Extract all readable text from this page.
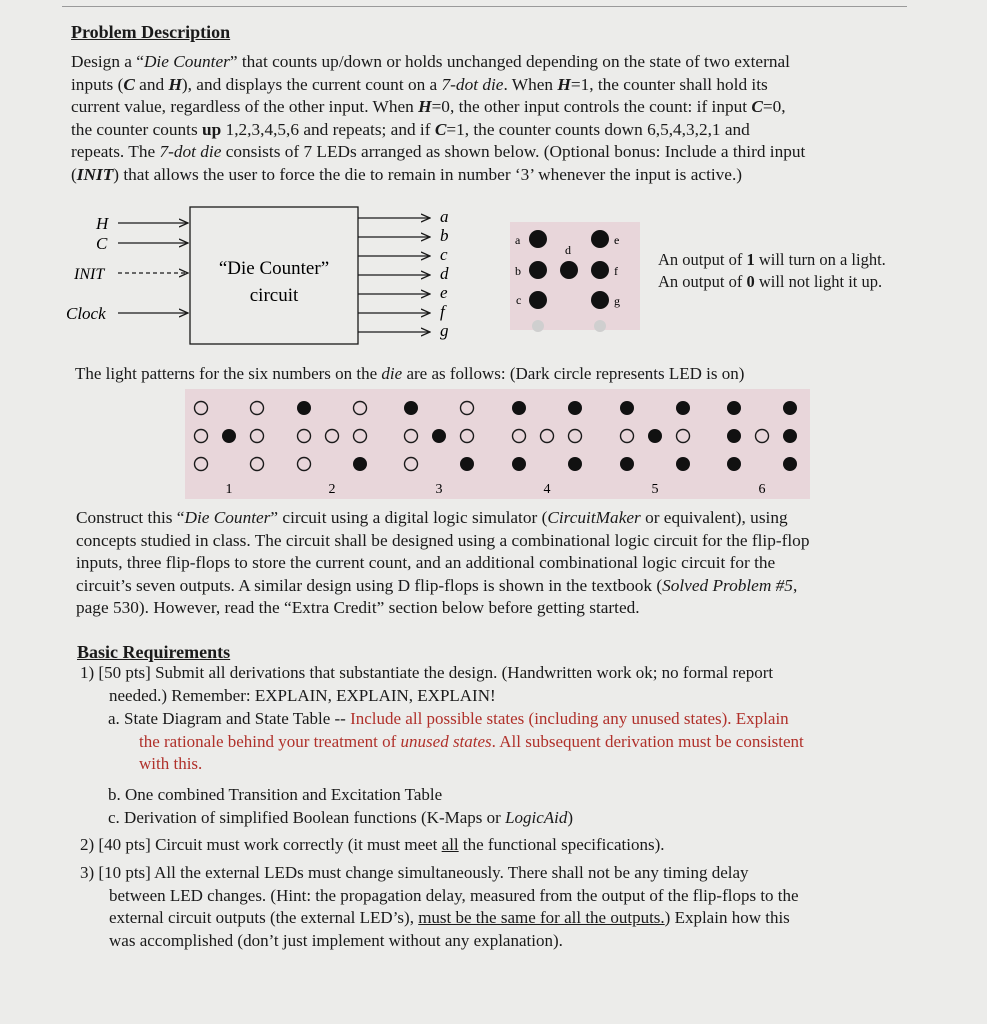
Problem Description
Design a “Die Counter” that counts up/down or holds unchanged depending on the state of two external
inputs (C and H), and displays the current count on a 7-dot die. When H=1, the counter shall hold its
current value, regardless of the other input. When H=0, the other input controls the count: if input C=0,
the counter counts up 1,2,3,4,5,6 and repeats; and if C=1, the counter counts down 6,5,4,3,2,1 and
repeats. The 7-dot die consists of 7 LEDs arranged as shown below. (Optional bonus: Include a third input
(INIT) that allows the user to force the die to remain in number ‘3’ whenever the input is active.)
H
C
INIT
Clock
“Die Counter”
circuit
a
b
c
d
e
f
g
a
b
c
d
e
f
g
An output of 1 will turn on a light.
An output of 0 will not light it up.
The light patterns for the six numbers on the die are as follows: (Dark circle represents LED is on)
1	2	3	4	5	6
Construct this “Die Counter” circuit using a digital logic simulator (CircuitMaker or equivalent), using
concepts studied in class. The circuit shall be designed using a combinational logic circuit for the flip-flop
inputs, three flip-flops to store the current count, and an additional combinational logic circuit for the
circuit’s seven outputs. A similar design using D flip-flops is shown in the textbook (Solved Problem #5,
page 530). However, read the “Extra Credit” section below before getting started.
Basic Requirements
1) [50 pts] Submit all derivations that substantiate the design. (Handwritten work ok; no formal report
needed.) Remember: EXPLAIN, EXPLAIN, EXPLAIN!
a. State Diagram and State Table -- Include all possible states (including any unused states). Explain
the rationale behind your treatment of unused states. All subsequent derivation must be consistent
with this.
b. One combined Transition and Excitation Table
c. Derivation of simplified Boolean functions (K-Maps or LogicAid)
2) [40 pts] Circuit must work correctly (it must meet all the functional specifications).
3) [10 pts] All the external LEDs must change simultaneously. There shall not be any timing delay
between LED changes. (Hint: the propagation delay, measured from the output of the flip-flops to the
external circuit outputs (the external LED’s), must be the same for all the outputs.) Explain how this
was accomplished (don’t just implement without any explanation).
